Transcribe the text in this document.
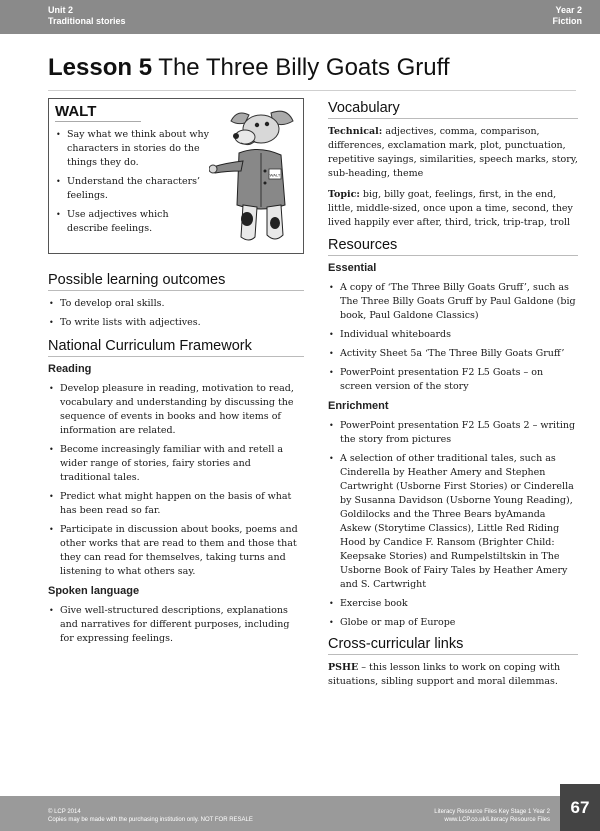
Unit 2
Traditional stories
Year 2
Fiction
Lesson 5 The Three Billy Goats Gruff
WALT
• Say what we think about why characters in stories do the things they do.
• Understand the characters’ feelings.
• Use adjectives which describe feelings.
WALT
Possible learning outcomes
• To develop oral skills.
• To write lists with adjectives.
National Curriculum Framework
Reading
• Develop pleasure in reading, motivation to read, vocabulary and understanding by discussing the sequence of events in books and how items of information are related.
• Become increasingly familiar with and retell a wider range of stories, fairy stories and traditional tales.
• Predict what might happen on the basis of what has been read so far.
• Participate in discussion about books, poems and other works that are read to them and those that they can read for themselves, taking turns and listening to what others say.
Spoken language
• Give well-structured descriptions, explanations and narratives for different purposes, including for expressing feelings.
Vocabulary

Technical: adjectives, comma, comparison, differences, exclamation mark, plot, punctuation, repetitive sayings, similarities, speech marks, story, sub-heading, theme

Topic: big, billy goat, feelings, first, in the end, little, middle-sized, once upon a time, second, they lived happily ever after, third, trick, trip-trap, troll

Resources
Essential
• A copy of ‘The Three Billy Goats Gruff’, such as The Three Billy Goats Gruff by Paul Galdone (big book, Paul Galdone Classics)
• Individual whiteboards
• Activity Sheet 5a ‘The Three Billy Goats Gruff’
• PowerPoint presentation F2 L5 Goats – on screen version of the story
Enrichment
• PowerPoint presentation F2 L5 Goats 2 – writing the story from pictures
• A selection of other traditional tales, such as Cinderella by Heather Amery and Stephen Cartwright (Usborne First Stories) or Cinderella by Susanna Davidson (Usborne Young Reading), Goldilocks and the Three Bears byAmanda Askew (Storytime Classics), Little Red Riding Hood by Candice F. Ransom (Brighter Child: Keepsake Stories) and Rumpelstiltskin in The Usborne Book of Fairy Tales by Heather Amery and S. Cartwright
• Exercise book
• Globe or map of Europe
Cross-curricular links

PSHE – this lesson links to work on coping with situations, sibling support and moral dilemmas.

© LCP 2014
Copies may be made with the purchasing institution only. NOT FOR RESALE
Literacy Resource Files Key Stage 1 Year 2
www.LCP.co.uk/Literacy Resource Files
67
